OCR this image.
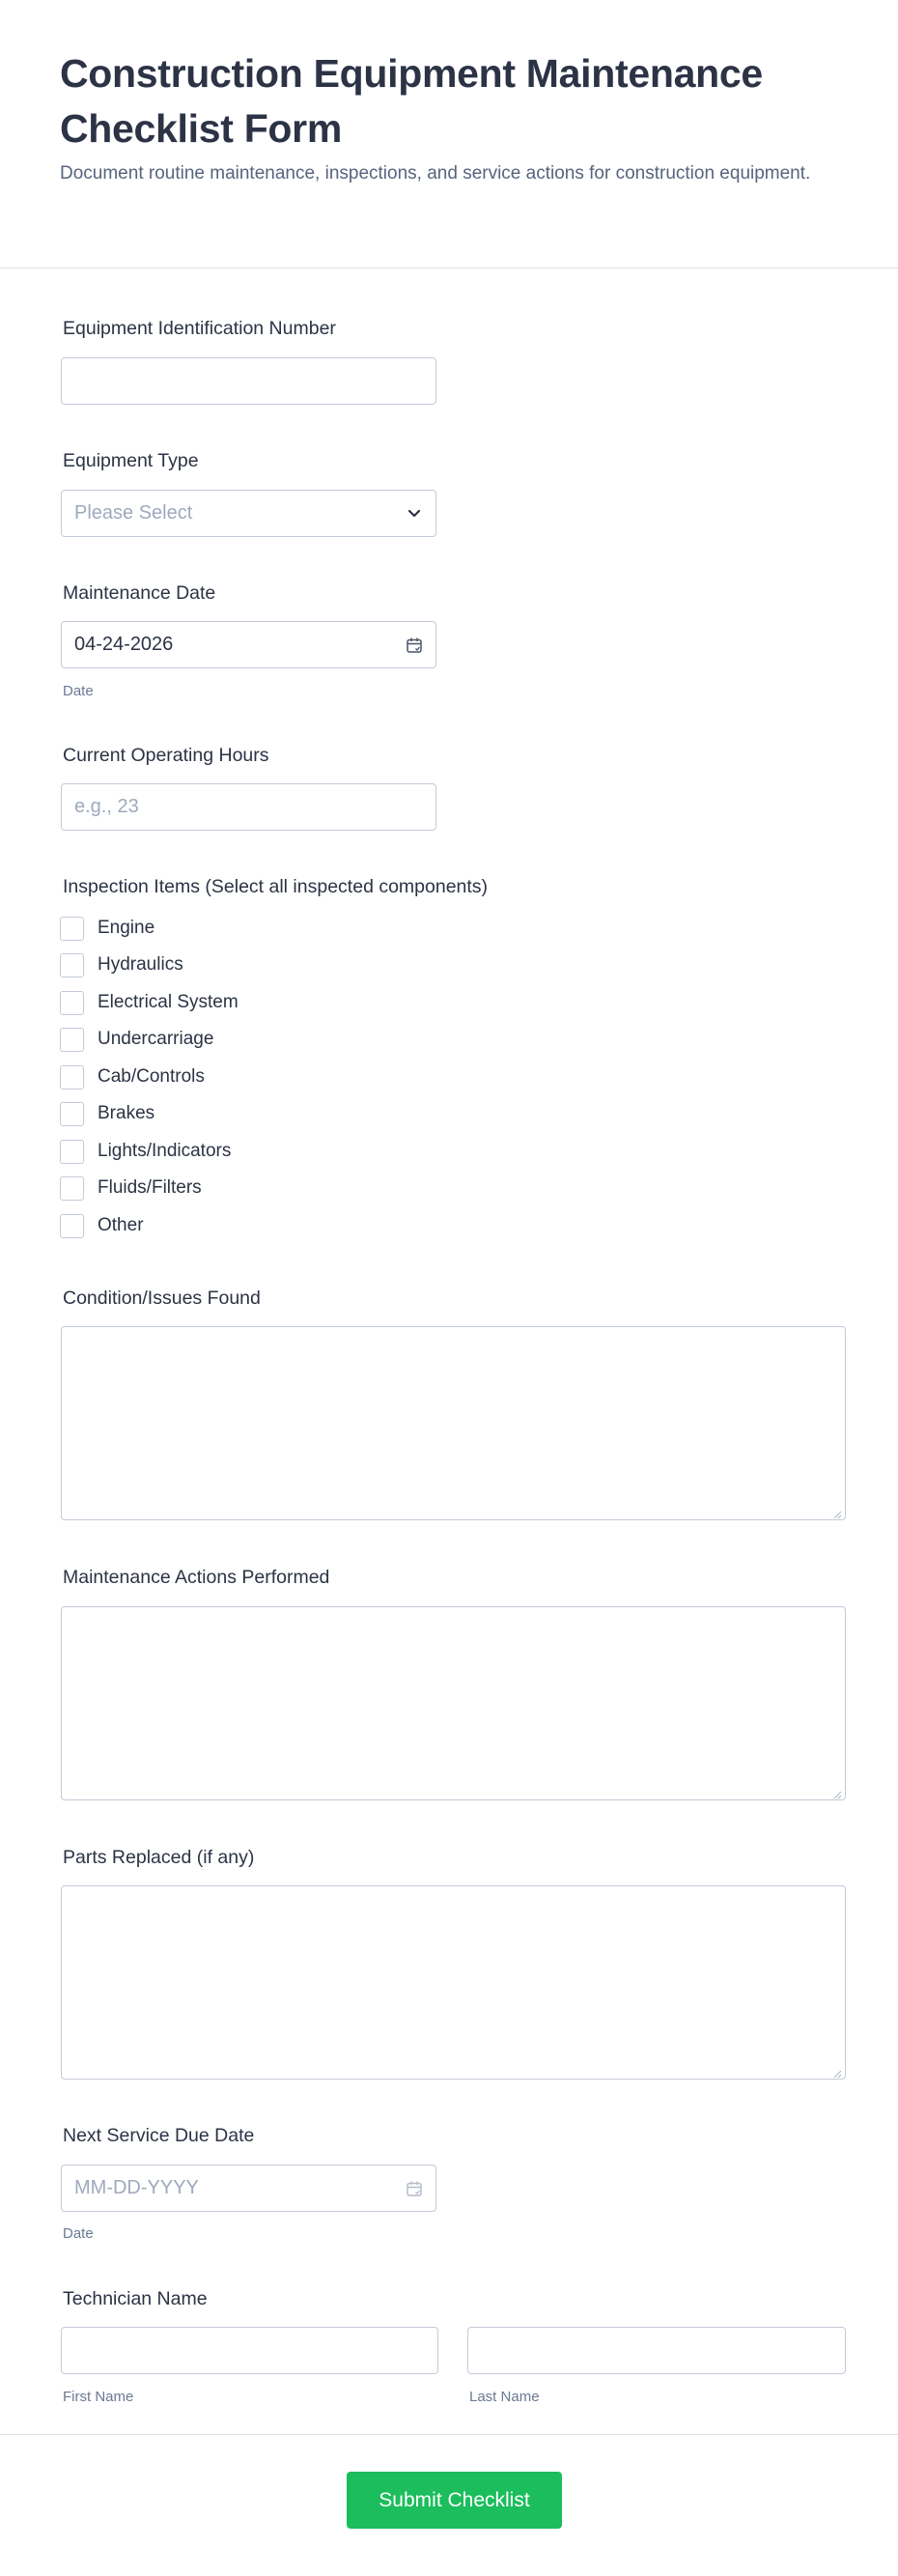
Construction Equipment Maintenance Checklist Form

Document routine maintenance, inspections, and service actions for construction equipment.

Equipment Identification Number
Equipment Type
Please Select
Maintenance Date
04-24-2026
Date
Current Operating Hours
e.g., 23
Inspection Items (Select all inspected components)
Engine
Hydraulics
Electrical System
Undercarriage
Cab/Controls
Brakes
Lights/Indicators
Fluids/Filters
Other
Condition/Issues Found
Maintenance Actions Performed
Parts Replaced (if any)
Next Service Due Date
MM-DD-YYYY
Date
Technician Name
First Name	Last Name
Submit Checklist
